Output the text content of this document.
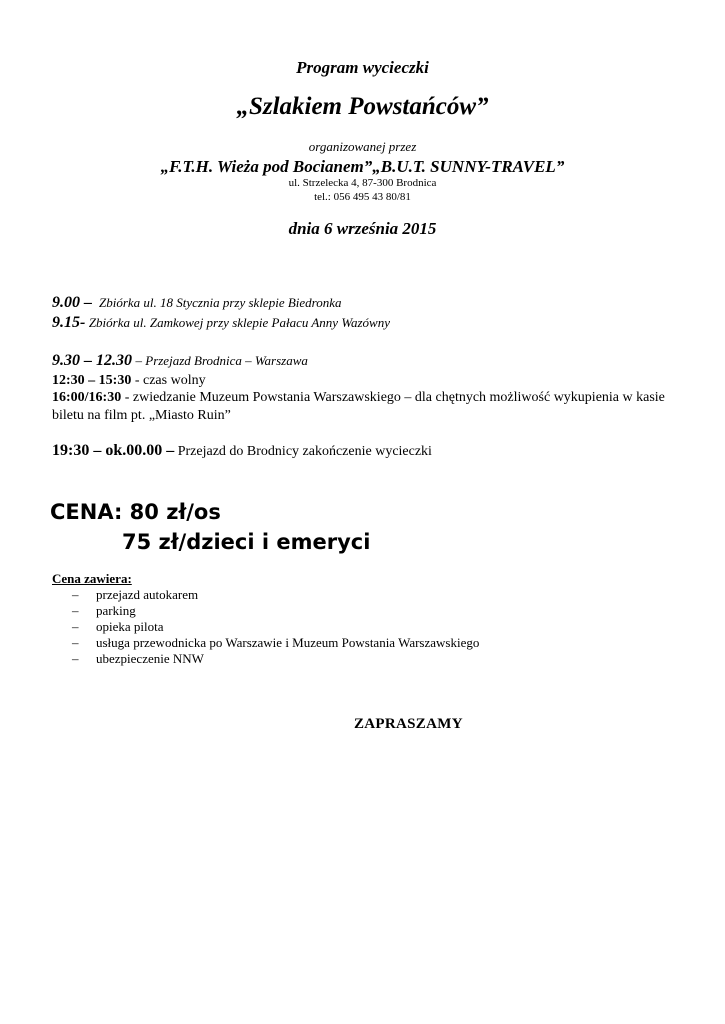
Program wycieczki
„Szlakiem Powstańców”
organizowanej przez
„F.T.H. Wieża pod Bocianem”„B.U.T. SUNNY-TRAVEL”
ul. Strzelecka 4, 87-300 Brodnica
tel.: 056 495 43 80/81
dnia 6 września 2015
9.00 – Zbiórka ul. 18 Stycznia przy sklepie Biedronka
9.15- Zbiórka ul. Zamkowej przy sklepie Pałacu Anny Wazówny
9.30 – 12.30 – Przejazd Brodnica – Warszawa
12:30 – 15:30 - czas wolny
16:00/16:30 - zwiedzanie Muzeum Powstania Warszawskiego – dla chętnych możliwość wykupienia w kasie biletu na film pt. „Miasto Ruin”
19:30 – ok.00.00 – Przejazd do Brodnicy zakończenie wycieczki
CENA: 80 zł/os
75 zł/dzieci i emeryci
Cena zawiera:
– przejazd autokarem
– parking
– opieka pilota
– usługa przewodnicka po Warszawie i Muzeum Powstania Warszawskiego
– ubezpieczenie NNW
ZAPRASZAMY
